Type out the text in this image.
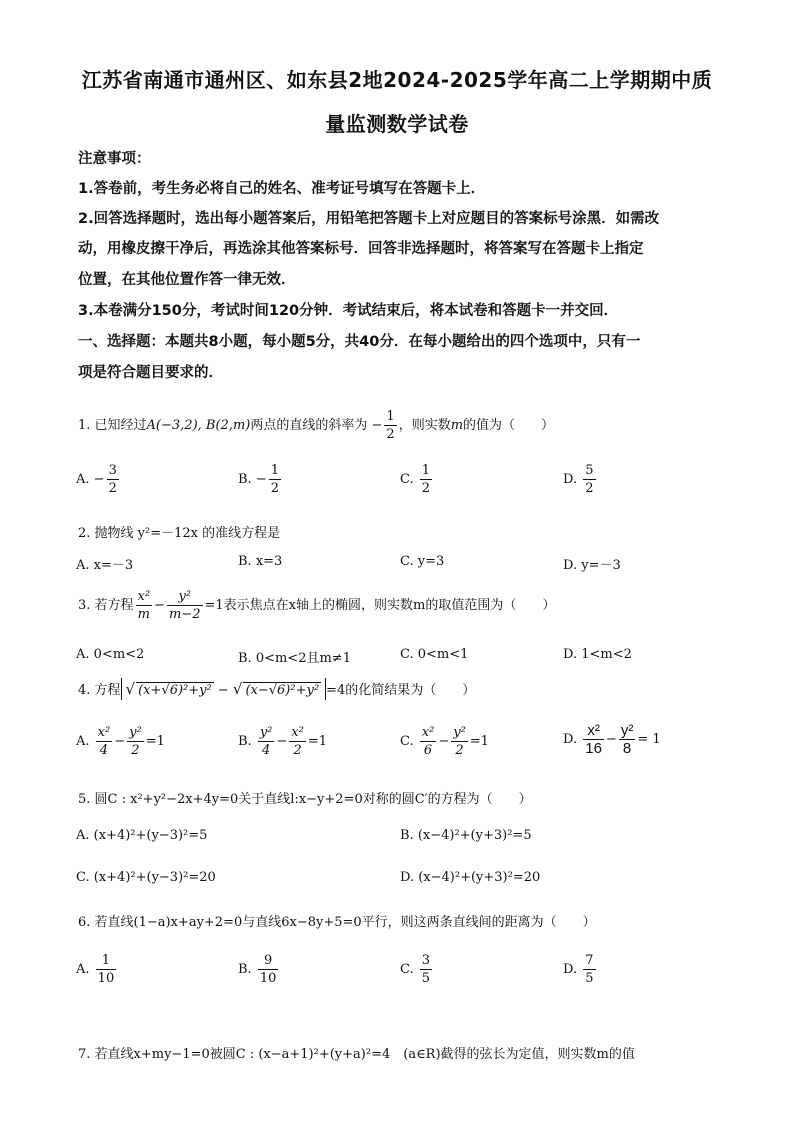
江苏省南通市通州区、如东县2地2024-2025学年高二上学期期中质
量监测数学试卷
注意事项：
1.答卷前，考生务必将自己的姓名、准考证号填写在答题卡上．
2.回答选择题时，选出每小题答案后，用铅笔把答题卡上对应题目的答案标号涂黑．如需改
动，用橡皮擦干净后，再选涂其他答案标号．回答非选择题时，将答案写在答题卡上指定
位置，在其他位置作答一律无效．
3.本卷满分150分，考试时间120分钟．考试结束后，将本试卷和答题卡一并交回．
一、选择题：本题共8小题，每小题5分，共40分．在每小题给出的四个选项中，只有一
项是符合题目要求的．
1. 已知经过A(−3,2), B(2,m)两点的直线的斜率为 − $\frac{1}{2}$ ，则实数m的值为（　　）
A. − $\frac{3}{2}$	B. − $\frac{1}{2}$	C. $\frac{1}{2}$	D. $\frac{5}{2}$
2. 抛物线 y²=－12x 的准线方程是
A. x=－3	B. x=3	C. y=3	D. y=－3
3. 若方程 $\frac{\text{x²}}{m} - \frac{\text{y²}}{m-2} =1$表示焦点在x轴上的椭圆，则实数m的取值范围为（　　）
A. 0<m<2	B. 0<m<2且m≠1	C. 0<m<1	D. 1<m<2
4. 方程 √ (x+√6)²+y² − √ (x−√6)²+y² =4的化简结果为（　　）
A. $\frac{\text{x²}}{4} - \frac{\text{y²}}{2} =1$	B. $\frac{\text{y²}}{4} - \frac{\text{x²}}{2} =1$	C. $\frac{\text{x²}}{6} - \frac{\text{y²}}{2} =1$	D. $\frac{\text{x²}}{16} - \frac{\text{y²}}{8} = 1$
5. 圆C : x²+y²−2x+4y=0关于直线l:x−y+2=0对称的圆C′的方程为（　　）
A. (x+4)²+(y−3)²=5	B. (x−4)²+(y+3)²=5
C. (x+4)²+(y−3)²=20	D. (x−4)²+(y+3)²=20
6. 若直线(1−a)x+ay+2=0与直线6x−8y+5=0平行，则这两条直线间的距离为（　　）
A. $\frac{1}{10}$	B. $\frac{9}{10}$	C. $\frac{3}{5}$	D. $\frac{7}{5}$
7. 若直线x+my−1=0被圆C : (x−a+1)²+(y+a)²=4　(a∈R)截得的弦长为定值，则实数m的值
